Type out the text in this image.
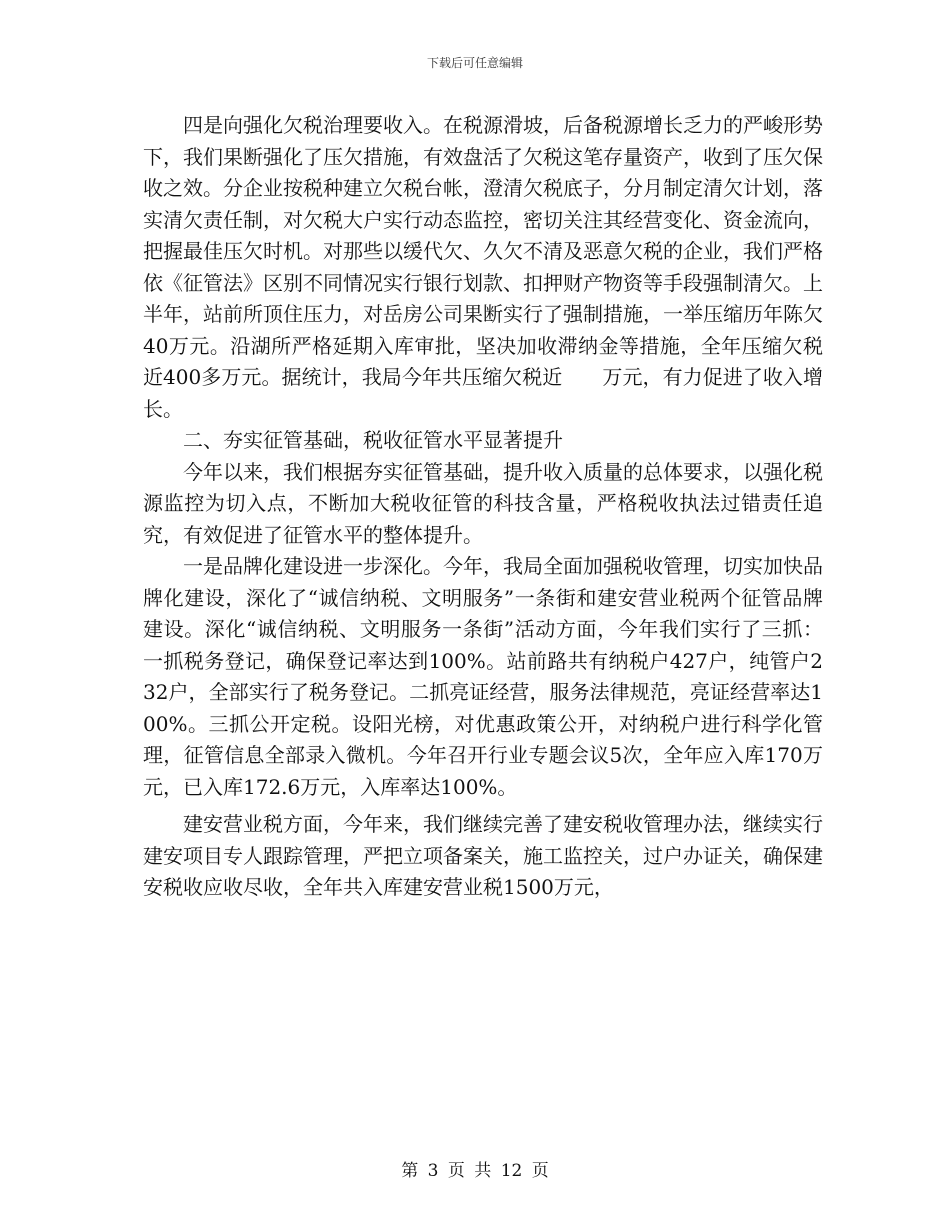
下载后可任意编辑

四是向强化欠税治理要收入。在税源滑坡，后备税源增长乏力的严峻形势下，我们果断强化了压欠措施，有效盘活了欠税这笔存量资产，收到了压欠保收之效。分企业按税种建立欠税台帐，澄清欠税底子，分月制定清欠计划，落实清欠责任制，对欠税大户实行动态监控，密切关注其经营变化、资金流向，把握最佳压欠时机。对那些以缓代欠、久欠不清及恶意欠税的企业，我们严格依《征管法》区别不同情况实行银行划款、扣押财产物资等手段强制清欠。上半年，站前所顶住压力，对岳房公司果断实行了强制措施，一举压缩历年陈欠40万元。沿湖所严格延期入库审批，坚决加收滞纳金等措施，全年压缩欠税近400多万元。据统计，我局今年共压缩欠税近　　万元，有力促进了收入增长。

二、夯实征管基础，税收征管水平显著提升

今年以来，我们根据夯实征管基础，提升收入质量的总体要求，以强化税源监控为切入点，不断加大税收征管的科技含量，严格税收执法过错责任追究，有效促进了征管水平的整体提升。

一是品牌化建设进一步深化。今年，我局全面加强税收管理，切实加快品牌化建设，深化了“诚信纳税、文明服务”一条街和建安营业税两个征管品牌建设。深化“诚信纳税、文明服务一条街”活动方面，今年我们实行了三抓：一抓税务登记，确保登记率达到100%。站前路共有纳税户427户，纯管户232户，全部实行了税务登记。二抓亮证经营，服务法律规范，亮证经营率达100%。三抓公开定税。设阳光榜，对优惠政策公开，对纳税户进行科学化管理，征管信息全部录入微机。今年召开行业专题会议5次，全年应入库170万元，已入库172.6万元，入库率达100%。

建安营业税方面，今年来，我们继续完善了建安税收管理办法，继续实行建安项目专人跟踪管理，严把立项备案关，施工监控关，过户办证关，确保建安税收应收尽收，全年共入库建安营业税1500万元，

第 3 页 共 12 页
